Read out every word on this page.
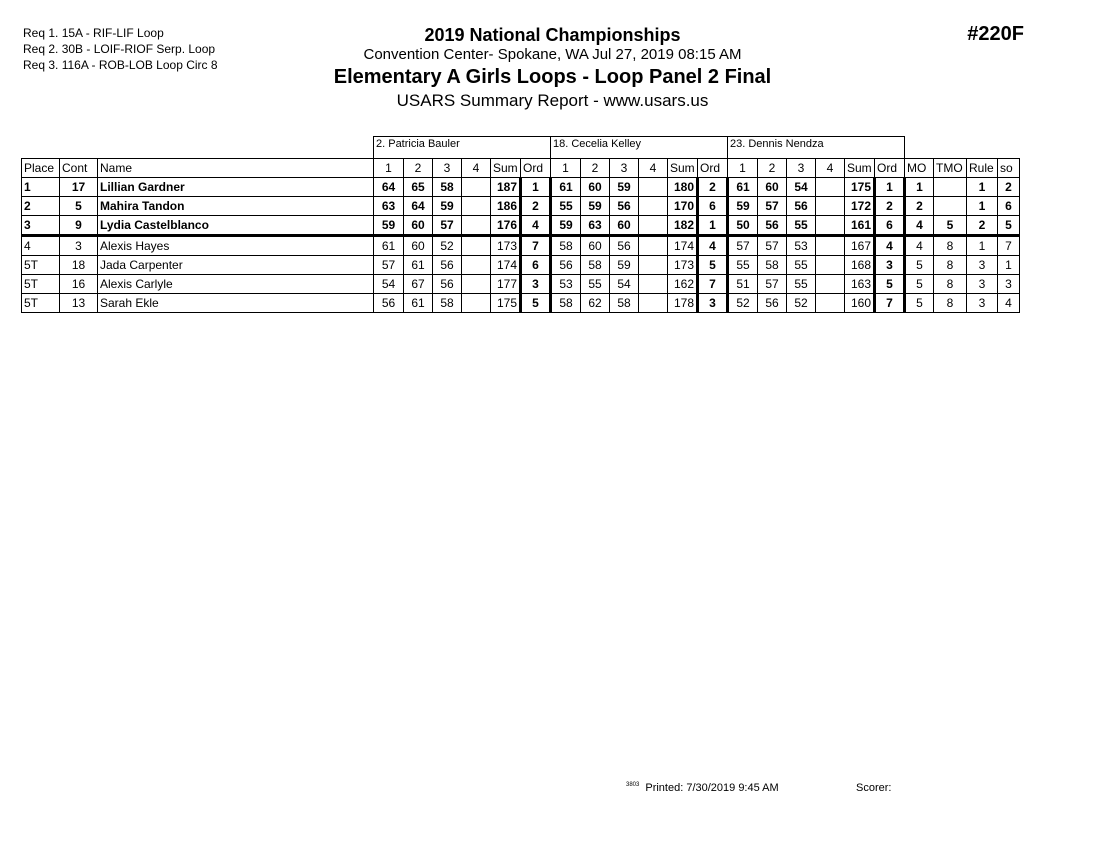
Req 1. 15A - RIF-LIF Loop
Req 2. 30B - LOIF-RIOF Serp. Loop
Req 3. 116A - ROB-LOB Loop Circ 8
2019 National Championships
Convention Center- Spokane, WA Jul 27, 2019 08:15 AM
Elementary A Girls Loops - Loop Panel 2 Final
USARS Summary Report - www.usars.us
#220F
			2. Patricia Bauler						18. Cecelia Kelley						23. Dennis Nendza									
Place	Cont	Name	1	2	3	4	Sum	Ord	1	2	3	4	Sum	Ord	1	2	3	4	Sum	Ord	MO	TMO	Rule	so
1	17	Lillian Gardner	64	65	58		187	1	61	60	59		180	2	61	60	54		175	1	1		1	2
2	5	Mahira Tandon	63	64	59		186	2	55	59	56		170	6	59	57	56		172	2	2		1	6
3	9	Lydia Castelblanco	59	60	57		176	4	59	63	60		182	1	50	56	55		161	6	4	5	2	5
4	3	Alexis Hayes	61	60	52		173	7	58	60	56		174	4	57	57	53		167	4	4	8	1	7
5T	18	Jada Carpenter	57	61	56		174	6	56	58	59		173	5	55	58	55		168	3	5	8	3	1
5T	16	Alexis Carlyle	54	67	56		177	3	53	55	54		162	7	51	57	55		163	5	5	8	3	3
5T	13	Sarah Ekle	56	61	58		175	5	58	62	58		178	3	52	56	52		160	7	5	8	3	4
$^{3803}$ Printed: 7/30/2019 9:45 AM	Scorer:
